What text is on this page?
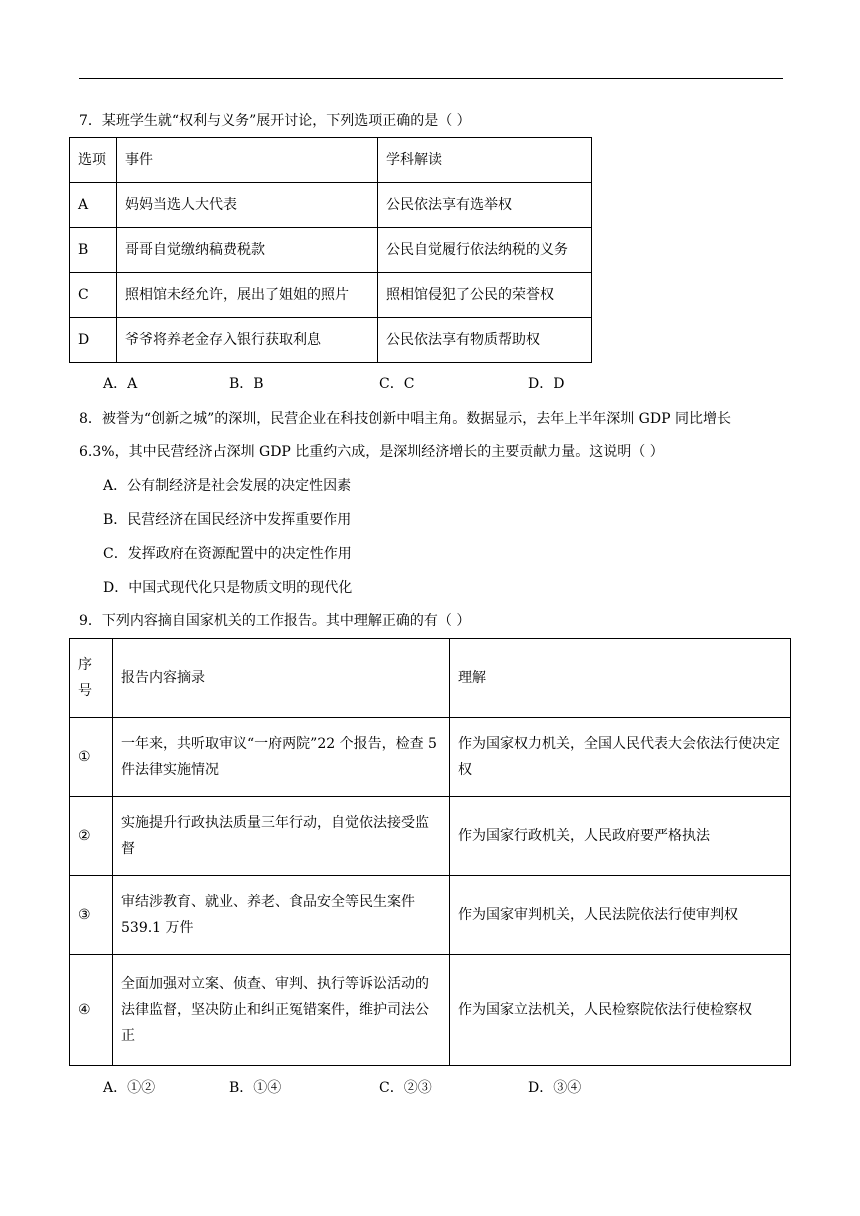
7．某班学生就“权利与义务”展开讨论，下列选项正确的是（ ）
选项	事件	学科解读
A	妈妈当选人大代表	公民依法享有选举权
B	哥哥自觉缴纳稿费税款	公民自觉履行依法纳税的义务
C	照相馆未经允许，展出了姐姐的照片	照相馆侵犯了公民的荣誉权
D	爷爷将养老金存入银行获取利息	公民依法享有物质帮助权
A．A	B．B	C．C	D．D
8．被誉为“创新之城”的深圳，民营企业在科技创新中唱主角。数据显示，去年上半年深圳 GDP 同比增长
6.3%，其中民营经济占深圳 GDP 比重约六成，是深圳经济增长的主要贡献力量。这说明（ ）
A．公有制经济是社会发展的决定性因素
B．民营经济在国民经济中发挥重要作用
C．发挥政府在资源配置中的决定性作用
D．中国式现代化只是物质文明的现代化
9．下列内容摘自国家机关的工作报告。其中理解正确的有（ ）
序号	报告内容摘录	理解
①	一年来，共听取审议“一府两院”22 个报告，检查 5 件法律实施情况	作为国家权力机关，全国人民代表大会依法行使决定权
②	实施提升行政执法质量三年行动，自觉依法接受监督	作为国家行政机关，人民政府要严格执法
③	审结涉教育、就业、养老、食品安全等民生案件 539.1 万件	作为国家审判机关，人民法院依法行使审判权
④	全面加强对立案、侦查、审判、执行等诉讼活动的法律监督，坚决防止和纠正冤错案件，维护司法公正	作为国家立法机关，人民检察院依法行使检察权
A．①②	B．①④	C．②③	D．③④
